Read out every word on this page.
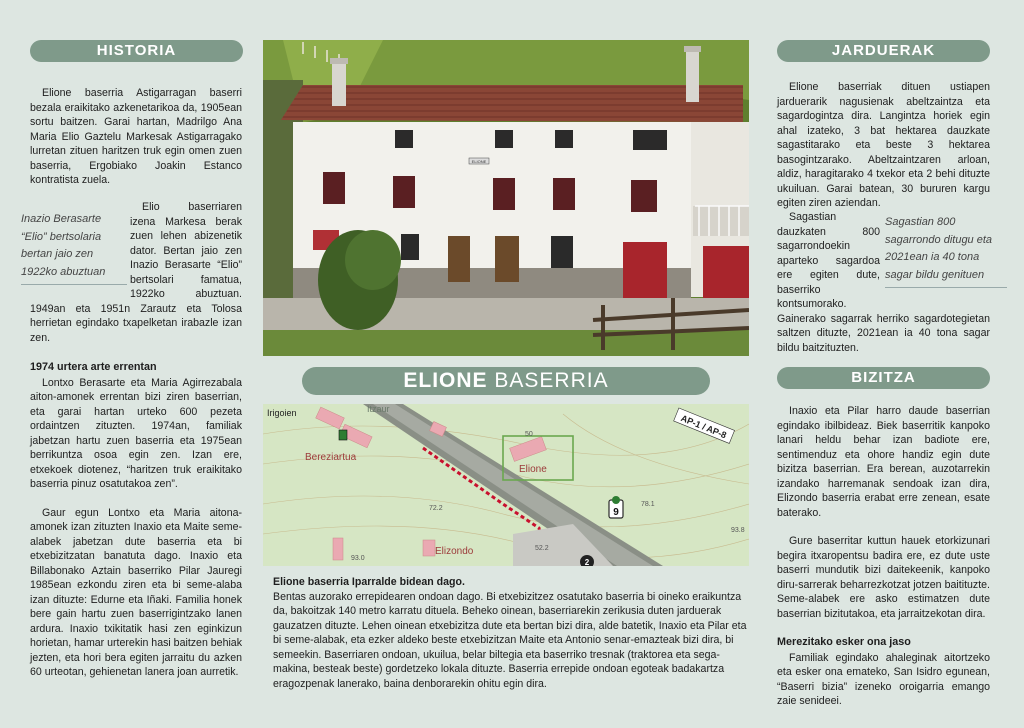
HISTORIA

Elione baserria Astigarragan baserri bezala eraikitako azkenetarikoa da, 1905ean sortu baitzen. Garai hartan, Madrilgo Ana Maria Elio Gaztelu Markesak Astigarragako lurretan zituen haritzen truk egin omen zuen baserria, Ergobiako Joakin Estanco kontratista zuela.

Elio baserriaren izena Markesa berak zuen lehen abizenetik dator. Bertan jaio zen Inazio Berasarte “Elio” bertsolari famatua, 1922ko abuztuan. 1949an eta 1951n Zarautz eta Tolosa herrietan egindako txapelketan irabazle izan zen.

Inazio Berasarte “Elio” bertsolaria bertan jaio zen 1922ko abuztuan
1974 urtera arte errentan

Lontxo Berasarte eta Maria Agirrezabala aiton-amonek errentan bizi ziren baserrian, eta garai hartan urteko 600 pezeta ordaintzen zituzten. 1974an, familiak jabetzan hartu zuen baserria eta 1975ean berrikuntza osoa egin zen. Izan ere, etxekoek diotenez, “haritzen truk eraikitako baserria pinuz osatutakoa zen”.

Gaur egun Lontxo eta Maria aitona-amonek izan zituzten Inaxio eta Maite seme-alabek jabetzan dute baserria eta bi etxebizitzatan banatuta dago. Inaxio eta Billabonako Aztain baserriko Pilar Jauregi 1985ean ezkondu ziren eta bi seme-alaba izan dituzte: Edurne eta Iñaki. Familia honek bere gain hartu zuen baserrigintzako lanen ardura. Inaxio txikitatik hasi zen eginkizun horietan, hamar urterekin hasi baitzen behiak jezten, eta hori bera egiten jarraitu du azken 60 urteotan, gehienetan lanera joan aurretik.

ELIONE
ELIONE BASERRIA
AP-1 / AP-8
9
2
Irigoien
Bereziartua
Elione
Elizondo
Itzaur
50
78.1
72.2
93.8
93.0
52.2
Elione baserria Iparralde bidean dago.
Bentas auzorako errepidearen ondoan dago. Bi etxebizitzez osatutako baserria bi oineko eraikuntza da, bakoitzak 140 metro karratu dituela. Beheko oinean, baserriarekin zerikusia duten jarduerak gauzatzen dituzte. Lehen oinean etxebizitza dute eta bertan bizi dira, alde batetik, Inaxio eta Pilar eta bi seme-alabak, eta ezker aldeko beste etxebizitzan Maite eta Antonio senar-emazteak bizi dira, bi semeekin. Baserriaren ondoan, ukuilua, belar biltegia eta baserriko tresnak (traktorea eta sega-makina, besteak beste) gordetzeko lokala dituzte. Baserria errepide ondoan egoteak badakartza eragozpenak lanerako, baina denborarekin ohitu egin dira.
JARDUERAK

Elione baserriak dituen ustiapen jarduerarik nagusienak abeltzaintza eta sagardogintza dira. Langintza horiek egin ahal izateko, 3 bat hektarea dauzkate sagastitarako eta beste 3 hektarea basogintzarako. Abeltzaintzaren arloan, aldiz, haragitarako 4 txekor eta 2 behi dituzte ukuiluan. Garai batean, 30 bururen kargu egiten ziren aziendan.

Sagastian dauzkaten 800 sagarrondoekin aparteko sagardoa ere egiten dute, baserriko kontsumorako. Gainerako sagarrak herriko sagardotegietan saltzen dituzte, 2021ean ia 40 tona sagar bildu baitzituzten.

Sagastian 800 sagarrondo ditugu eta 2021ean ia 40 tona sagar bildu genituen
BIZITZA

Inaxio eta Pilar harro daude baserrian egindako ibilbideaz. Biek baserritik kanpoko lanari heldu behar izan badiote ere, sentimenduz eta ohore handiz egin dute bizitza baserrian. Era berean, auzotarrekin izandako harremanak sendoak izan dira, Elizondo baserria erabat erre zenean, esate baterako.

Gure baserritar kuttun hauek etorkizunari begira itxaropentsu badira ere, ez dute uste baserri mundutik bizi daitekeenik, kanpoko diru-sarrerak beharrezkotzat jotzen baitituzte. Seme-alabek ere asko estimatzen dute baserrian bizitutakoa, eta jarraitzekotan dira.

Merezitako esker ona jaso

Familiak egindako ahaleginak aitortzeko eta esker ona emateko, San Isidro egunean, “Baserri bizia” izeneko oroigarria emango zaie senideei.
